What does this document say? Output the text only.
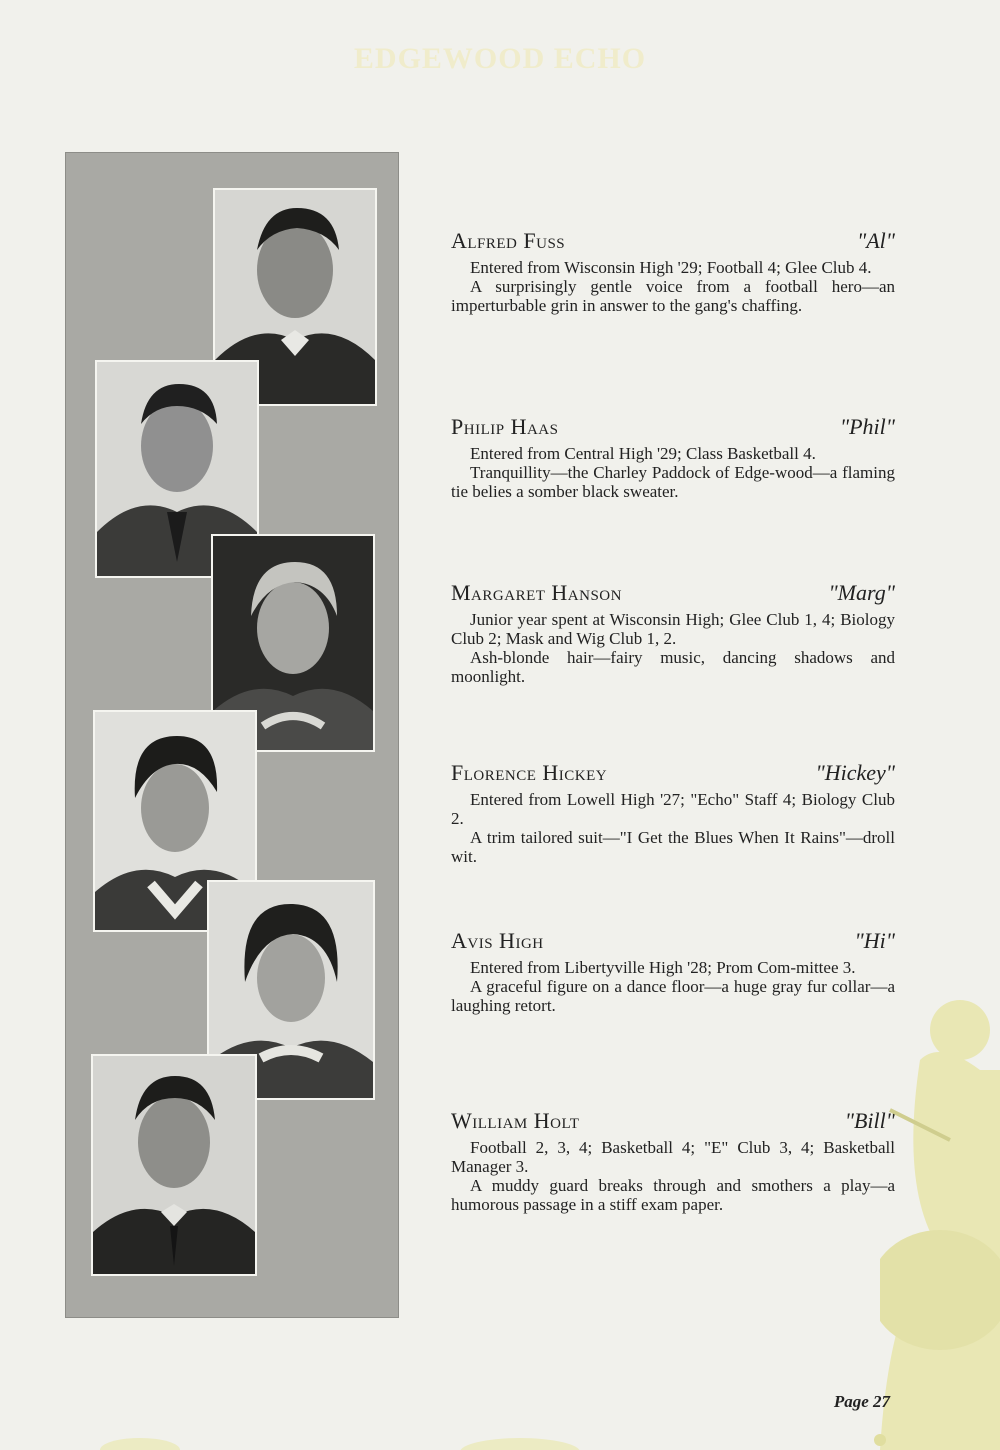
EDGEWOOD ECHO
Alfred Fuss	"Al"

Entered from Wisconsin High '29; Football 4; Glee Club 4.

A surprisingly gentle voice from a football hero—an imperturbable grin in answer to the gang's chaffing.

Philip Haas	"Phil"

Entered from Central High '29; Class Basketball 4.

Tranquillity—the Charley Paddock of Edge-wood—a flaming tie belies a somber black sweater.

Margaret Hanson	"Marg"

Junior year spent at Wisconsin High; Glee Club 1, 4; Biology Club 2; Mask and Wig Club 1, 2.

Ash-blonde hair—fairy music, dancing shadows and moonlight.

Florence Hickey	"Hickey"

Entered from Lowell High '27; "Echo" Staff 4; Biology Club 2.

A trim tailored suit—"I Get the Blues When It Rains"—droll wit.

Avis High	"Hi"

Entered from Libertyville High '28; Prom Com-mittee 3.

A graceful figure on a dance floor—a huge gray fur collar—a laughing retort.

William Holt	"Bill"

Football 2, 3, 4; Basketball 4; "E" Club 3, 4; Basketball Manager 3.

A muddy guard breaks through and smothers a play—a humorous passage in a stiff exam paper.

Page 27
